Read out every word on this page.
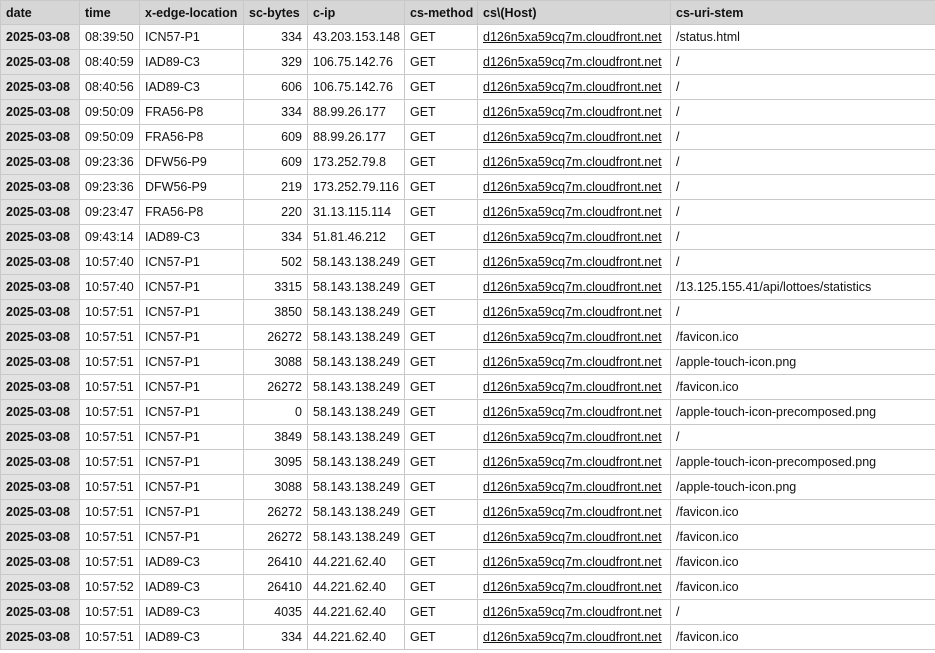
date	time	x-edge-location	sc-bytes	c-ip	cs-method	cs\(Host)	cs-uri-stem
2025-03-08	08:39:50	ICN57-P1	334	43.203.153.148	GET	d126n5xa59cq7m.cloudfront.net	/status.html
2025-03-08	08:40:59	IAD89-C3	329	106.75.142.76	GET	d126n5xa59cq7m.cloudfront.net	/
2025-03-08	08:40:56	IAD89-C3	606	106.75.142.76	GET	d126n5xa59cq7m.cloudfront.net	/
2025-03-08	09:50:09	FRA56-P8	334	88.99.26.177	GET	d126n5xa59cq7m.cloudfront.net	/
2025-03-08	09:50:09	FRA56-P8	609	88.99.26.177	GET	d126n5xa59cq7m.cloudfront.net	/
2025-03-08	09:23:36	DFW56-P9	609	173.252.79.8	GET	d126n5xa59cq7m.cloudfront.net	/
2025-03-08	09:23:36	DFW56-P9	219	173.252.79.116	GET	d126n5xa59cq7m.cloudfront.net	/
2025-03-08	09:23:47	FRA56-P8	220	31.13.115.114	GET	d126n5xa59cq7m.cloudfront.net	/
2025-03-08	09:43:14	IAD89-C3	334	51.81.46.212	GET	d126n5xa59cq7m.cloudfront.net	/
2025-03-08	10:57:40	ICN57-P1	502	58.143.138.249	GET	d126n5xa59cq7m.cloudfront.net	/
2025-03-08	10:57:40	ICN57-P1	3315	58.143.138.249	GET	d126n5xa59cq7m.cloudfront.net	/13.125.155.41/api/lottoes/statistics
2025-03-08	10:57:51	ICN57-P1	3850	58.143.138.249	GET	d126n5xa59cq7m.cloudfront.net	/
2025-03-08	10:57:51	ICN57-P1	26272	58.143.138.249	GET	d126n5xa59cq7m.cloudfront.net	/favicon.ico
2025-03-08	10:57:51	ICN57-P1	3088	58.143.138.249	GET	d126n5xa59cq7m.cloudfront.net	/apple-touch-icon.png
2025-03-08	10:57:51	ICN57-P1	26272	58.143.138.249	GET	d126n5xa59cq7m.cloudfront.net	/favicon.ico
2025-03-08	10:57:51	ICN57-P1	0	58.143.138.249	GET	d126n5xa59cq7m.cloudfront.net	/apple-touch-icon-precomposed.png
2025-03-08	10:57:51	ICN57-P1	3849	58.143.138.249	GET	d126n5xa59cq7m.cloudfront.net	/
2025-03-08	10:57:51	ICN57-P1	3095	58.143.138.249	GET	d126n5xa59cq7m.cloudfront.net	/apple-touch-icon-precomposed.png
2025-03-08	10:57:51	ICN57-P1	3088	58.143.138.249	GET	d126n5xa59cq7m.cloudfront.net	/apple-touch-icon.png
2025-03-08	10:57:51	ICN57-P1	26272	58.143.138.249	GET	d126n5xa59cq7m.cloudfront.net	/favicon.ico
2025-03-08	10:57:51	ICN57-P1	26272	58.143.138.249	GET	d126n5xa59cq7m.cloudfront.net	/favicon.ico
2025-03-08	10:57:51	IAD89-C3	26410	44.221.62.40	GET	d126n5xa59cq7m.cloudfront.net	/favicon.ico
2025-03-08	10:57:52	IAD89-C3	26410	44.221.62.40	GET	d126n5xa59cq7m.cloudfront.net	/favicon.ico
2025-03-08	10:57:51	IAD89-C3	4035	44.221.62.40	GET	d126n5xa59cq7m.cloudfront.net	/
2025-03-08	10:57:51	IAD89-C3	334	44.221.62.40	GET	d126n5xa59cq7m.cloudfront.net	/favicon.ico
